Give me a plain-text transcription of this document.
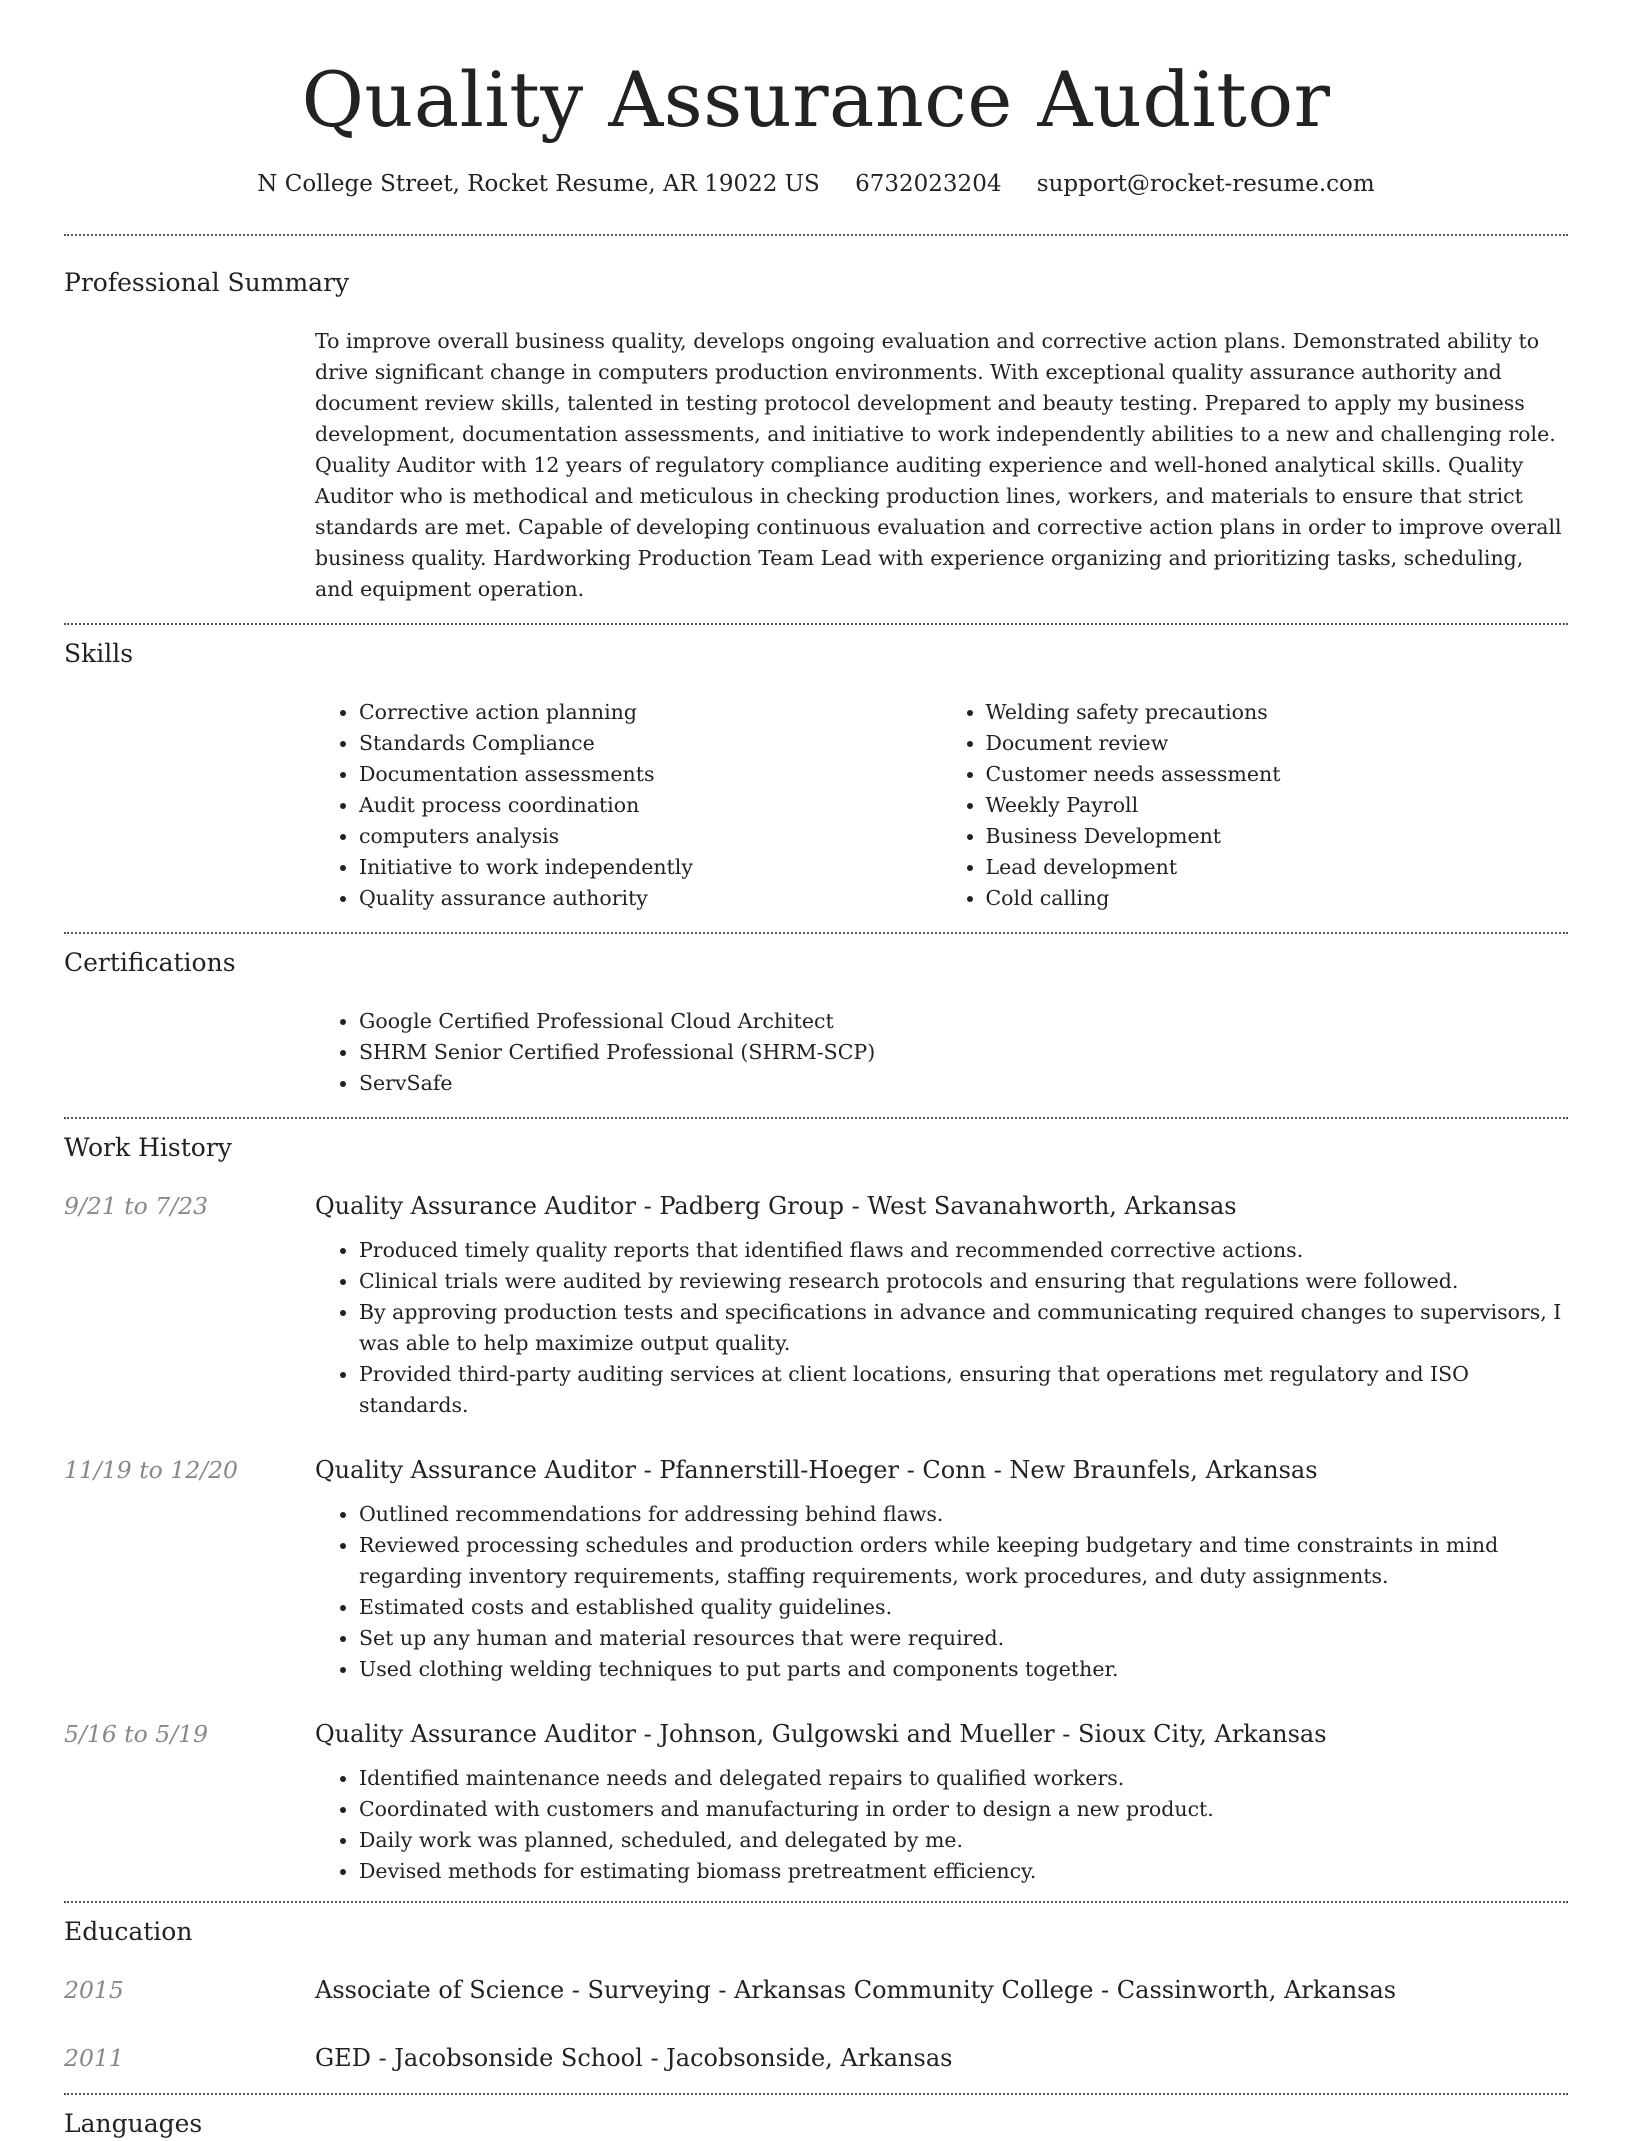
Quality Assurance Auditor
N College Street, Rocket Resume, AR 19022 US 6732023204 support@rocket-resume.com
Professional Summary

To improve overall business quality, develops ongoing evaluation and corrective action plans. Demonstrated ability to drive significant change in computers production environments. With exceptional quality assurance authority and document review skills, talented in testing protocol development and beauty testing. Prepared to apply my business development, documentation assessments, and initiative to work independently abilities to a new and challenging role. Quality Auditor with 12 years of regulatory compliance auditing experience and well-honed analytical skills. Quality Auditor who is methodical and meticulous in checking production lines, workers, and materials to ensure that strict standards are met. Capable of developing continuous evaluation and corrective action plans in order to improve overall business quality. Hardworking Production Team Lead with experience organizing and prioritizing tasks, scheduling, and equipment operation.

Skills
• Corrective action planning
• Standards Compliance
• Documentation assessments
• Audit process coordination
• computers analysis
• Initiative to work independently
• Quality assurance authority
• Welding safety precautions
• Document review
• Customer needs assessment
• Weekly Payroll
• Business Development
• Lead development
• Cold calling
Certifications
• Google Certified Professional Cloud Architect
• SHRM Senior Certified Professional (SHRM-SCP)
• ServSafe
Work History
9/21 to 7/23	Quality Assurance Auditor - Padberg Group - West Savanahworth, Arkansas
• Produced timely quality reports that identified flaws and recommended corrective actions.
• Clinical trials were audited by reviewing research protocols and ensuring that regulations were followed.
• By approving production tests and specifications in advance and communicating required changes to supervisors, I was able to help maximize output quality.
• Provided third-party auditing services at client locations, ensuring that operations met regulatory and ISO standards.
11/19 to 12/20	Quality Assurance Auditor - Pfannerstill-Hoeger - Conn - New Braunfels, Arkansas
• Outlined recommendations for addressing behind flaws.
• Reviewed processing schedules and production orders while keeping budgetary and time constraints in mind regarding inventory requirements, staffing requirements, work procedures, and duty assignments.
• Estimated costs and established quality guidelines.
• Set up any human and material resources that were required.
• Used clothing welding techniques to put parts and components together.
5/16 to 5/19	Quality Assurance Auditor - Johnson, Gulgowski and Mueller - Sioux City, Arkansas
• Identified maintenance needs and delegated repairs to qualified workers.
• Coordinated with customers and manufacturing in order to design a new product.
• Daily work was planned, scheduled, and delegated by me.
• Devised methods for estimating biomass pretreatment efficiency.
Education
2015	Associate of Science - Surveying - Arkansas Community College - Cassinworth, Arkansas
2011	GED - Jacobsonside School - Jacobsonside, Arkansas
Languages
